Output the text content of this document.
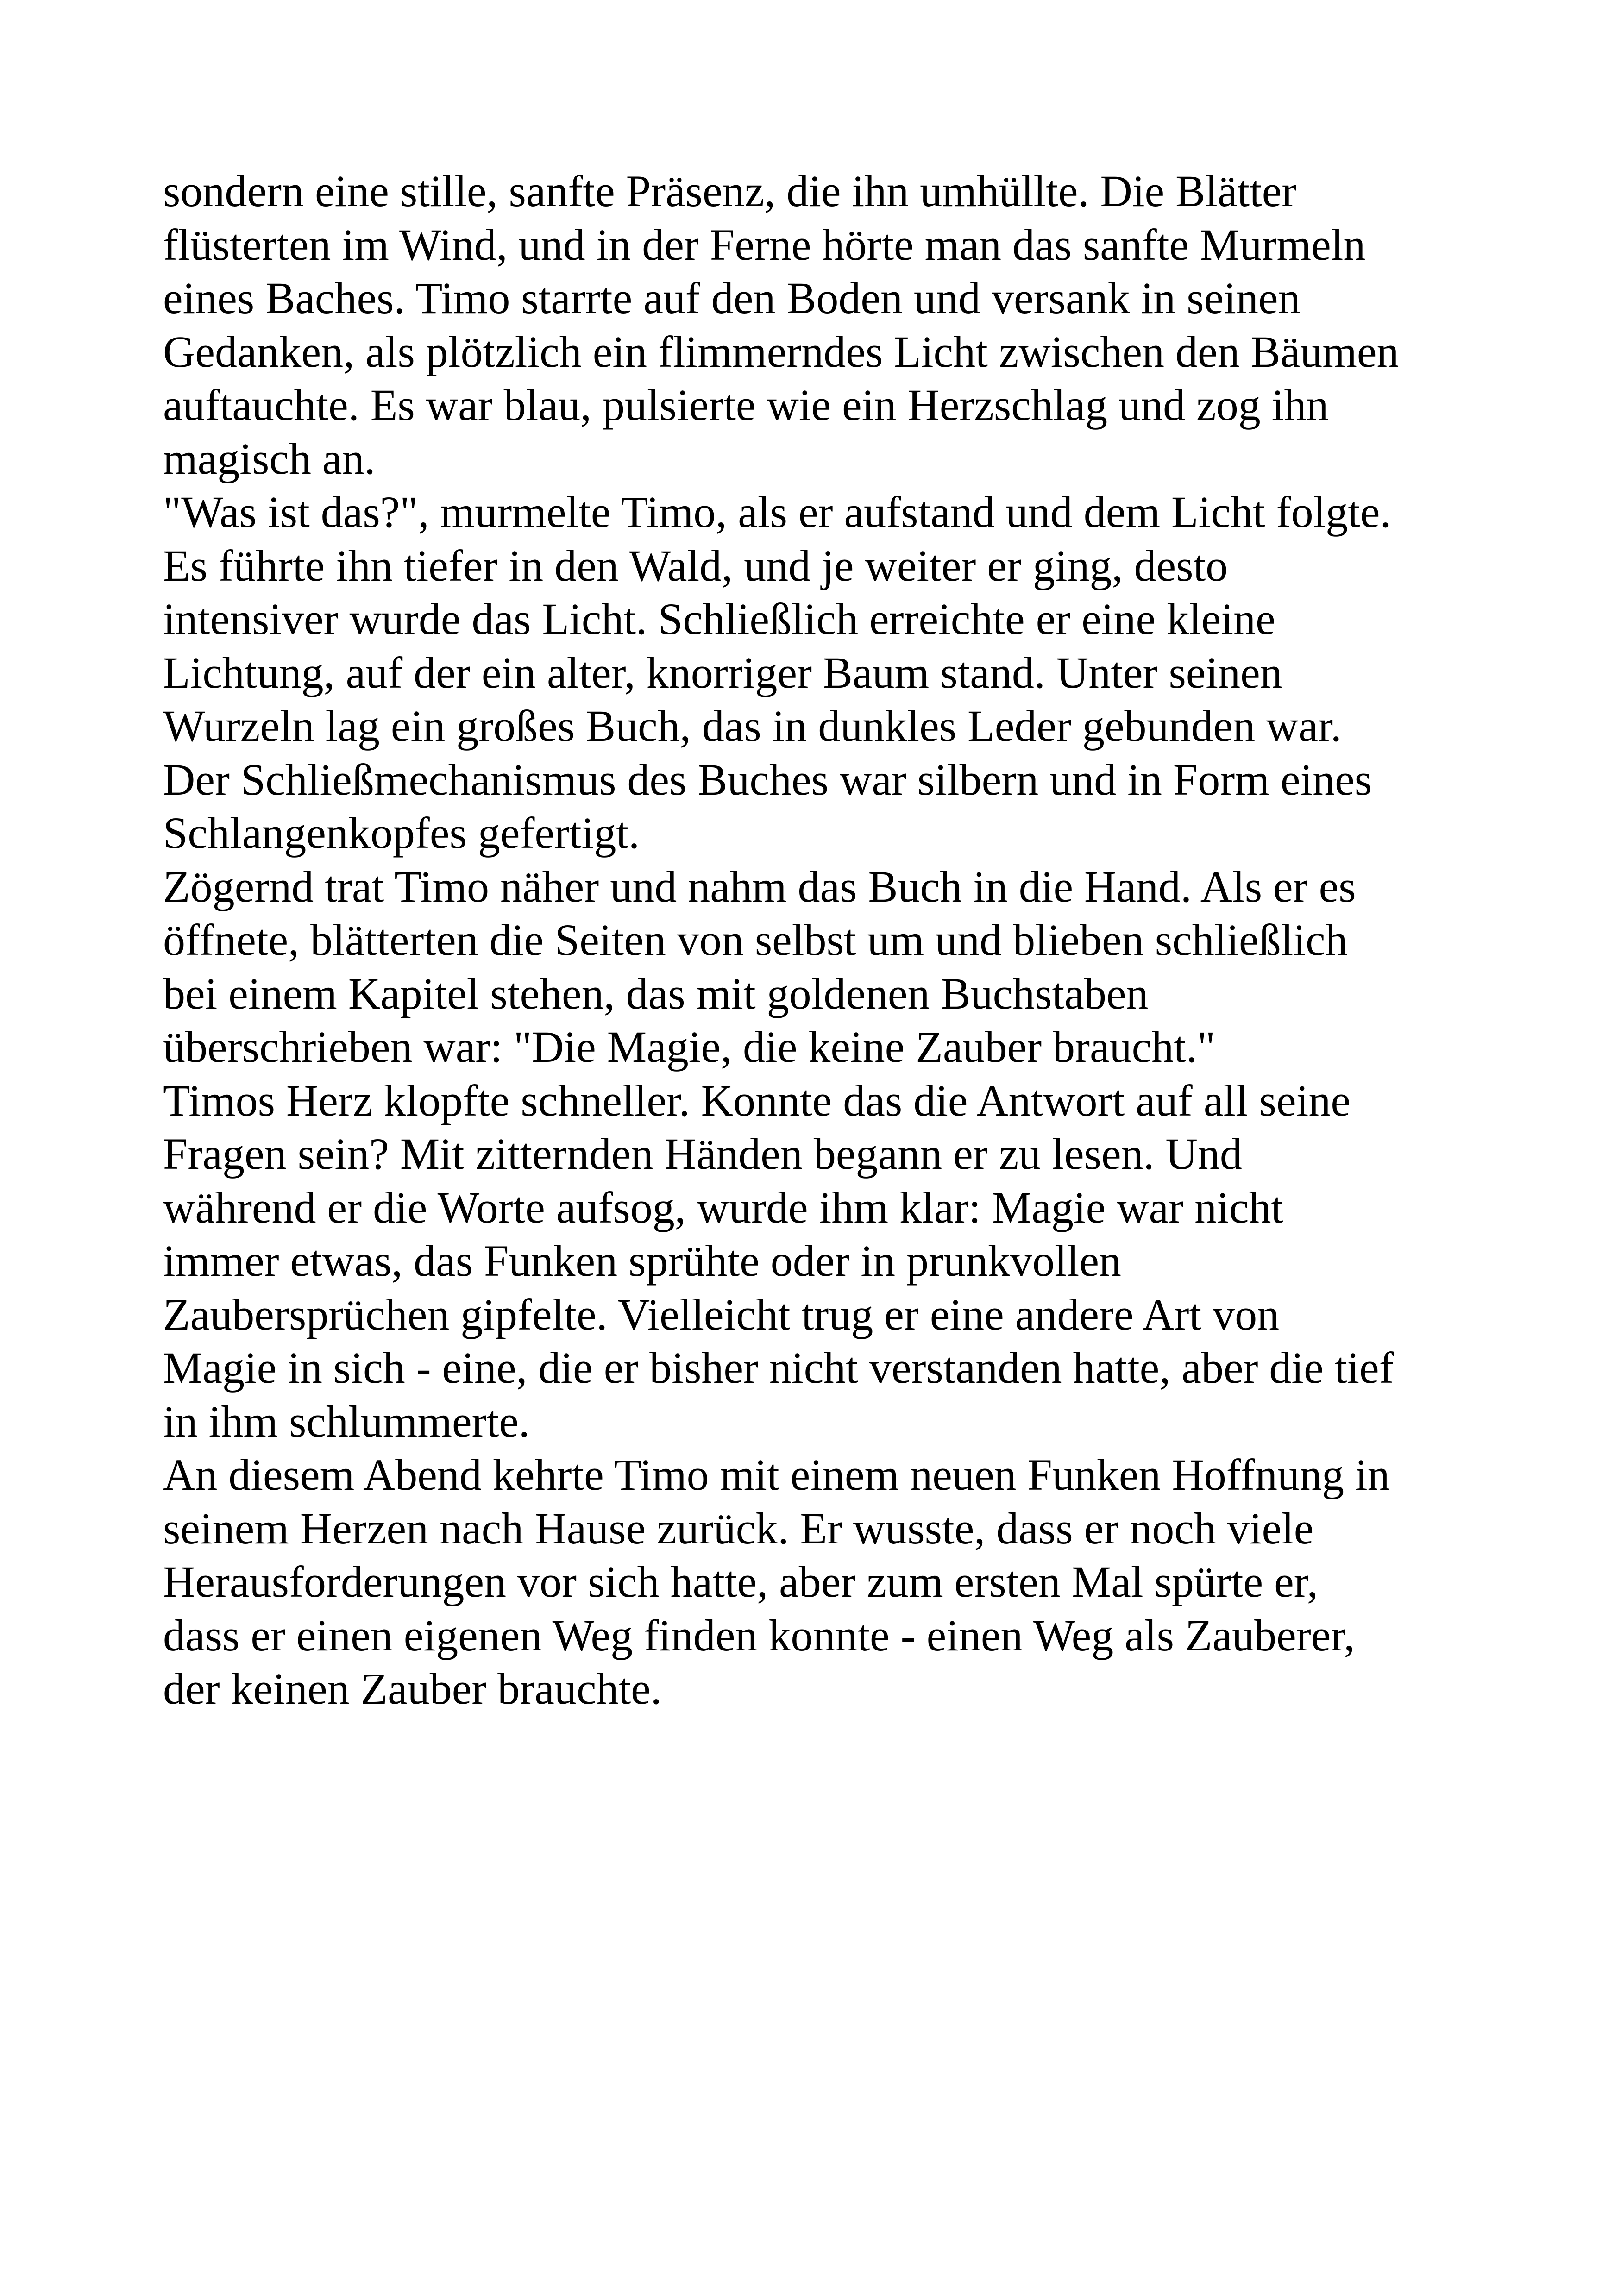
sondern eine stille, sanfte Präsenz, die ihn umhüllte. Die Blätter

flüsterten im Wind, und in der Ferne hörte man das sanfte Murmeln

eines Baches. Timo starrte auf den Boden und versank in seinen

Gedanken, als plötzlich ein flimmerndes Licht zwischen den Bäumen

auftauchte. Es war blau, pulsierte wie ein Herzschlag und zog ihn

magisch an.

"Was ist das?", murmelte Timo, als er aufstand und dem Licht folgte.

Es führte ihn tiefer in den Wald, und je weiter er ging, desto

intensiver wurde das Licht. Schließlich erreichte er eine kleine

Lichtung, auf der ein alter, knorriger Baum stand. Unter seinen

Wurzeln lag ein großes Buch, das in dunkles Leder gebunden war.

Der Schließmechanismus des Buches war silbern und in Form eines

Schlangenkopfes gefertigt.

Zögernd trat Timo näher und nahm das Buch in die Hand. Als er es

öffnete, blätterten die Seiten von selbst um und blieben schließlich

bei einem Kapitel stehen, das mit goldenen Buchstaben

überschrieben war: "Die Magie, die keine Zauber braucht."

Timos Herz klopfte schneller. Konnte das die Antwort auf all seine

Fragen sein? Mit zitternden Händen begann er zu lesen. Und

während er die Worte aufsog, wurde ihm klar: Magie war nicht

immer etwas, das Funken sprühte oder in prunkvollen

Zaubersprüchen gipfelte. Vielleicht trug er eine andere Art von

Magie in sich - eine, die er bisher nicht verstanden hatte, aber die tief

in ihm schlummerte.

An diesem Abend kehrte Timo mit einem neuen Funken Hoffnung in

seinem Herzen nach Hause zurück. Er wusste, dass er noch viele

Herausforderungen vor sich hatte, aber zum ersten Mal spürte er,

dass er einen eigenen Weg finden konnte - einen Weg als Zauberer,

der keinen Zauber brauchte.
